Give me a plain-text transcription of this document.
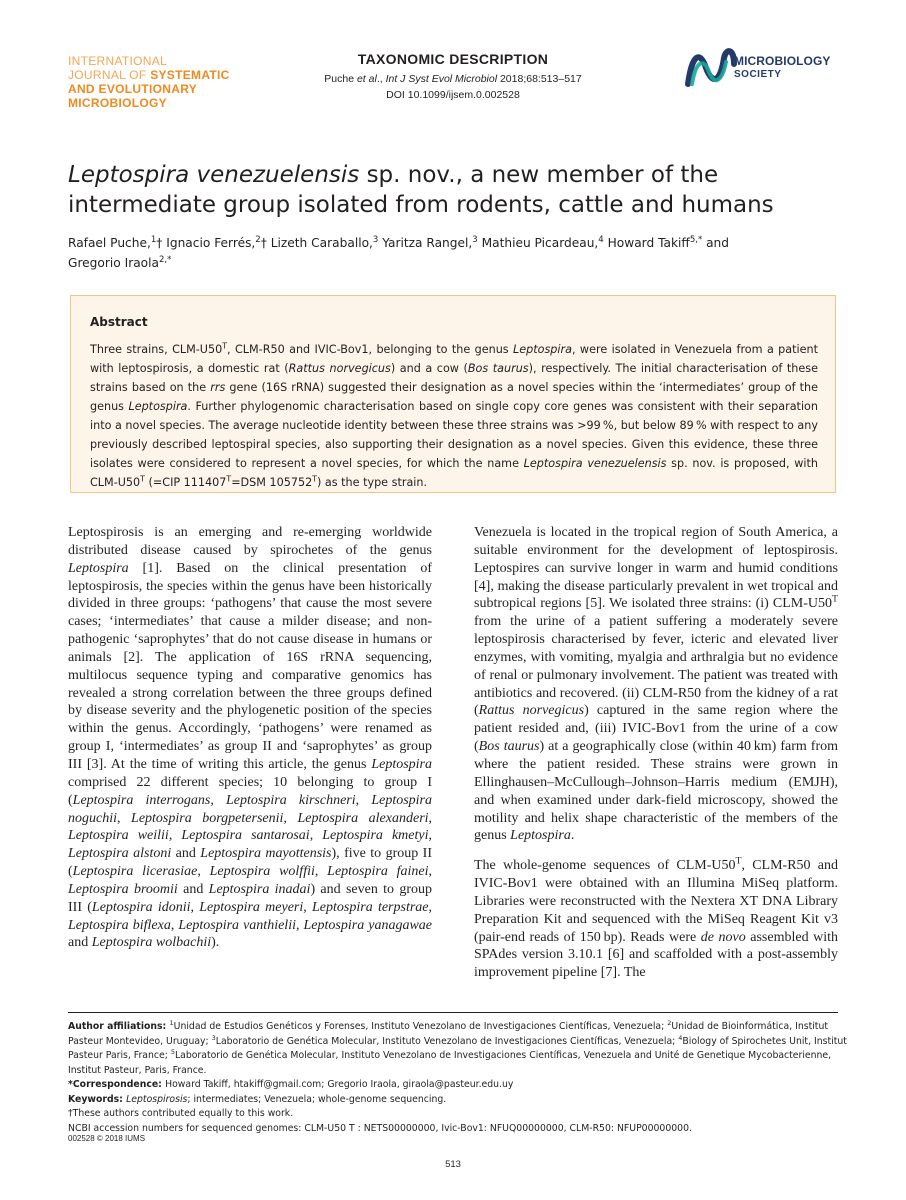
INTERNATIONAL
JOURNAL OF SYSTEMATIC
AND EVOLUTIONARY
MICROBIOLOGY
TAXONOMIC DESCRIPTION
Puche et al., Int J Syst Evol Microbiol 2018;68:513–517
DOI 10.1099/ijsem.0.002528
MICROBIOLOGY
SOCIETY
Leptospira venezuelensis sp. nov., a new member of the intermediate group isolated from rodents, cattle and humans
Rafael Puche,$^1$† Ignacio Ferrés,$^2$† Lizeth Caraballo,$^3$ Yaritza Rangel,$^3$ Mathieu Picardeau,$^4$ Howard Takiff$^{5,*}$ and
Gregorio Iraola$^{2,*}$
Abstract
Three strains, CLM-$U50^T$, CLM-R50 and IVIC-Bov1, belonging to the genus Leptospira, were isolated in Venezuela from a patient with leptospirosis, a domestic rat (Rattus norvegicus) and a cow (Bos taurus), respectively. The initial characterisation of these strains based on the rrs gene (16S rRNA) suggested their designation as a novel species within the ‘intermediates’ group of the genus Leptospira. Further phylogenomic characterisation based on single copy core genes was consistent with their separation into a novel species. The average nucleotide identity between these three strains was >99 %, but below 89 % with respect to any previously described leptospiral species, also supporting their designation as a novel species. Given this evidence, these three isolates were considered to represent a novel species, for which the name Leptospira venezuelensis sp. nov. is proposed, with CLM-$U50^T$ (=CIP $111407^T=DSM$ $105752^T$) as the type strain.

Leptospirosis is an emerging and re-emerging worldwide distributed disease caused by spirochetes of the genus Leptospira [1]. Based on the clinical presentation of leptospirosis, the species within the genus have been historically divided in three groups: ‘pathogens’ that cause the most severe cases; ‘intermediates’ that cause a milder disease; and non-pathogenic ‘saprophytes’ that do not cause disease in humans or animals [2]. The application of 16S rRNA sequencing, multilocus sequence typing and comparative genomics has revealed a strong correlation between the three groups defined by disease severity and the phylogenetic position of the species within the genus. Accordingly, ‘pathogens’ were renamed as group I, ‘intermediates’ as group II and ‘saprophytes’ as group III [3]. At the time of writing this article, the genus Leptospira comprised 22 different species; 10 belonging to group I (Leptospira interrogans, Leptospira kirschneri, Leptospira noguchii, Leptospira borgpetersenii, Leptospira alexanderi, Leptospira weilii, Leptospira santarosai, Leptospira kmetyi, Leptospira alstoni and Leptospira mayottensis), five to group II (Leptospira licerasiae, Leptospira wolffii, Leptospira fainei, Leptospira broomii and Leptospira inadai) and seven to group III (Leptospira idonii, Leptospira meyeri, Leptospira terpstrae, Leptospira biflexa, Leptospira vanthielii, Leptospira yanagawae and Leptospira wolbachii).

Venezuela is located in the tropical region of South America, a suitable environment for the development of leptospirosis. Leptospires can survive longer in warm and humid conditions [4], making the disease particularly prevalent in wet tropical and subtropical regions [5]. We isolated three strains: (i) CLM-$U50^T$ from the urine of a patient suffering a moderately severe leptospirosis characterised by fever, icteric and elevated liver enzymes, with vomiting, myalgia and arthralgia but no evidence of renal or pulmonary involvement. The patient was treated with antibiotics and recovered. (ii) CLM-R50 from the kidney of a rat (Rattus norvegicus) captured in the same region where the patient resided and, (iii) IVIC-Bov1 from the urine of a cow (Bos taurus) at a geographically close (within 40 km) farm from where the patient resided. These strains were grown in Ellinghausen–McCullough–Johnson–Harris medium (EMJH), and when examined under dark-field microscopy, showed the motility and helix shape characteristic of the members of the genus Leptospira.

The whole-genome sequences of CLM-$U50^T$, CLM-R50 and IVIC-Bov1 were obtained with an Illumina MiSeq platform. Libraries were reconstructed with the Nextera XT DNA Library Preparation Kit and sequenced with the MiSeq Reagent Kit v3 (pair-end reads of 150 bp). Reads were de novo assembled with SPAdes version 3.10.1 [6] and scaffolded with a post-assembly improvement pipeline [7]. The

Author affiliations: $^1$Unidad de Estudios Genéticos y Forenses, Instituto Venezolano de Investigaciones Científicas, Venezuela; $^2$Unidad de Bioinformática, Institut Pasteur Montevideo, Uruguay; $^3$Laboratorio de Genética Molecular, Instituto Venezolano de Investigaciones Científicas, Venezuela; $^4$Biology of Spirochetes Unit, Institut Pasteur Paris, France; $^5$Laboratorio de Genética Molecular, Instituto Venezolano de Investigaciones Científicas, Venezuela and Unité de Genetique Mycobacterienne, Institut Pasteur, Paris, France.

*Correspondence: Howard Takiff, htakiff@gmail.com; Gregorio Iraola, giraola@pasteur.edu.uy

Keywords: Leptospirosis; intermediates; Venezuela; whole-genome sequencing.

†These authors contributed equally to this work.

NCBI accession numbers for sequenced genomes: CLM-U50 T : NETS00000000, Ivic-Bov1: NFUQ00000000, CLM-R50: NFUP00000000.

002528 © 2018 IUMS
513
